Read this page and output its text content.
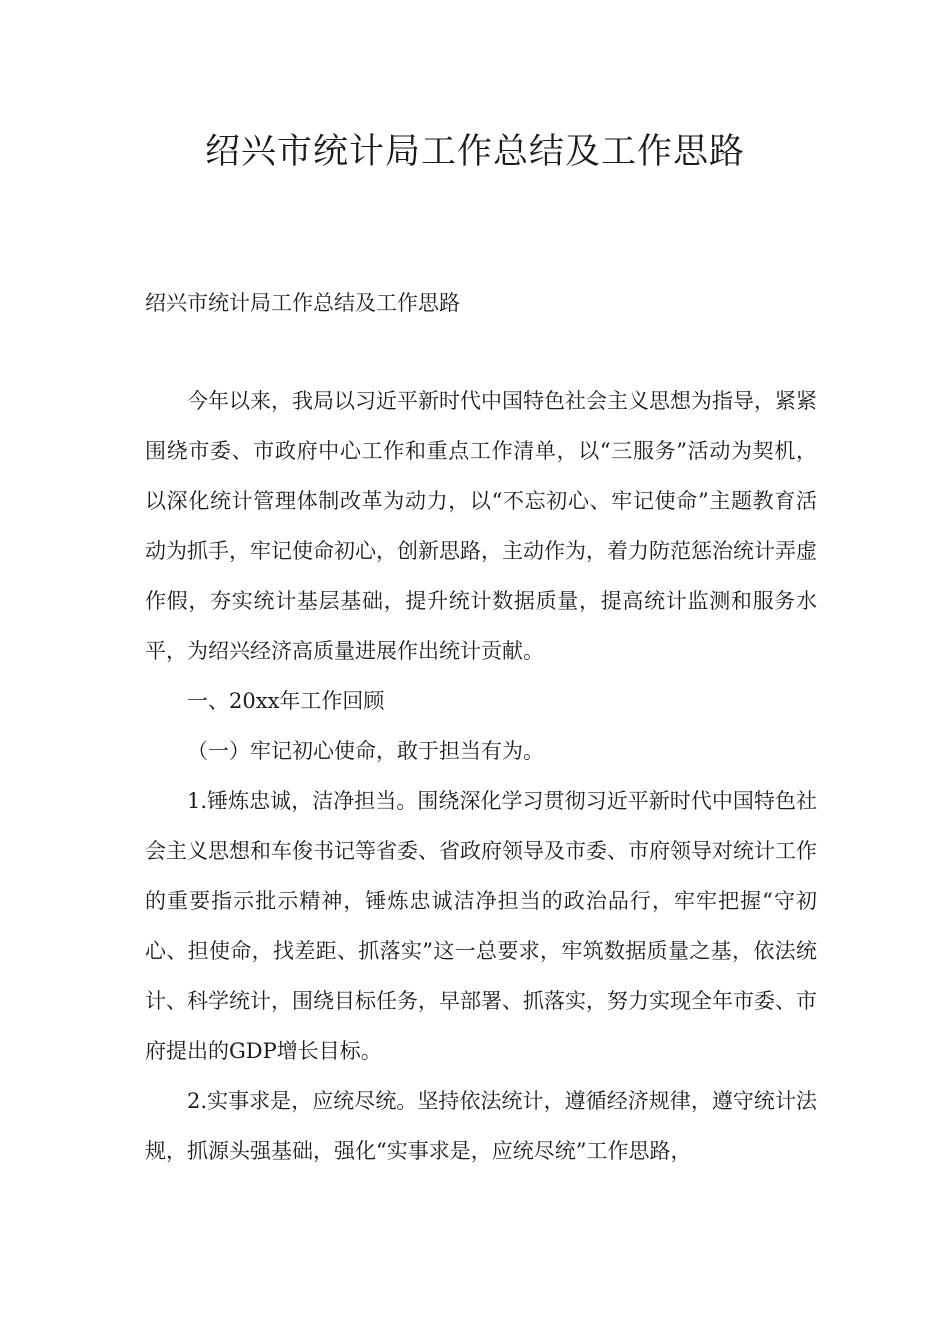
绍兴市统计局工作总结及工作思路

绍兴市统计局工作总结及工作思路

今年以来，我局以习近平新时代中国特色社会主义思想为指导，紧紧围绕市委、市政府中心工作和重点工作清单，以“三服务”活动为契机，以深化统计管理体制改革为动力，以“不忘初心、牢记使命”主题教育活动为抓手，牢记使命初心，创新思路，主动作为，着力防范惩治统计弄虚作假，夯实统计基层基础，提升统计数据质量，提高统计监测和服务水平，为绍兴经济高质量进展作出统计贡献。

一、20xx年工作回顾

（一）牢记初心使命，敢于担当有为。

1.锤炼忠诚，洁净担当。围绕深化学习贯彻习近平新时代中国特色社会主义思想和车俊书记等省委、省政府领导及市委、市府领导对统计工作的重要指示批示精神，锤炼忠诚洁净担当的政治品行，牢牢把握“守初心、担使命，找差距、抓落实”这一总要求，牢筑数据质量之基，依法统计、科学统计，围绕目标任务，早部署、抓落实，努力实现全年市委、市府提出的GDP增长目标。

2.实事求是，应统尽统。坚持依法统计，遵循经济规律，遵守统计法规，抓源头强基础，强化“实事求是，应统尽统”工作思路，
